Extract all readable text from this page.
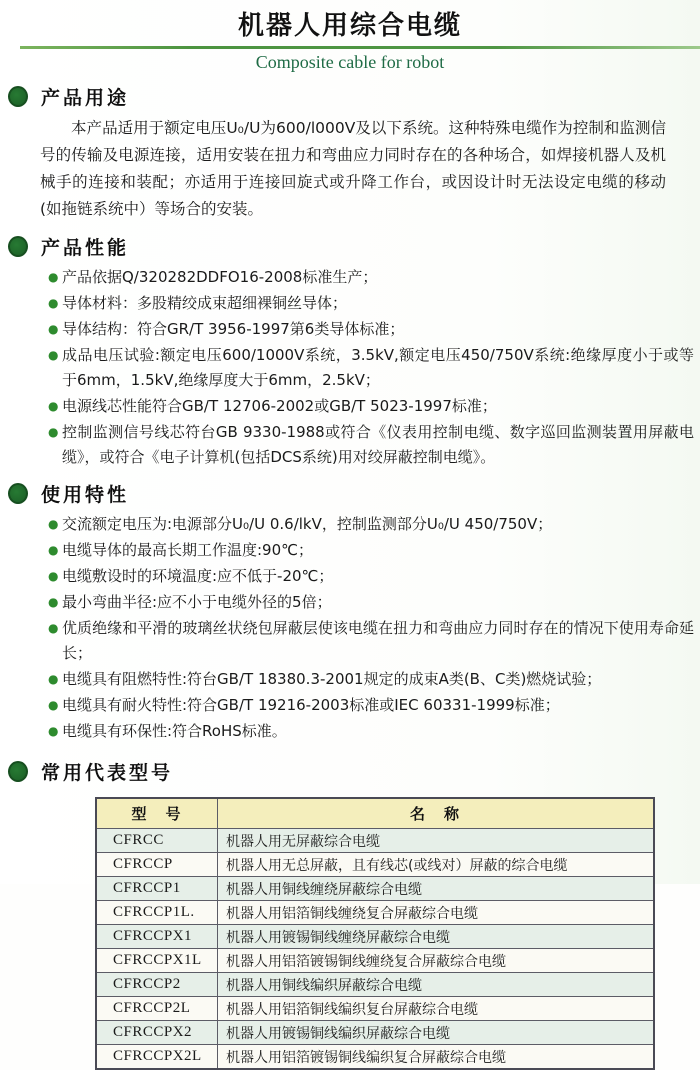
机器人用综合电缆
Composite cable for robot
产品用途

本产品适用于额定电压U₀/U为600/l000V及以下系统。这种特殊电缆作为控制和监测信号的传输及电源连接，适用安装在扭力和弯曲应力同时存在的各种场合，如焊接机器人及机械手的连接和装配；亦适用于连接回旋式或升降工作台，或因设计时无法设定电缆的移动(如拖链系统中）等场合的安装。

产品性能
● 产品依据Q/320282DDFO16-2008标准生产；
● 导体材料：多股精绞成束超细裸铜丝导体；
● 导体结构：符合GR/T 3956-1997第6类导体标准；
● 成品电压试验:额定电压600/1000V系统，3.5kV,额定电压450/750V系统:绝缘厚度小于或等于6mm，1.5kV,绝缘厚度大于6mm，2.5kV；
● 电源线芯性能符合GB/T 12706-2002或GB/T 5023-1997标准；
● 控制监测信号线芯符台GB 9330-1988或符合《仪表用控制电缆、数字巡回监测装置用屏蔽电缆》，或符合《电子计算机(包括DCS系统)用对绞屏蔽控制电缆》。
使用特性
● 交流额定电压为:电源部分U₀/U 0.6/lkV，控制监测部分U₀/U 450/750V；
● 电缆导体的最高长期工作温度:90℃；
● 电缆敷设时的环境温度:应不低于-20℃；
● 最小弯曲半径:应不小于电缆外径的5倍；
● 优质绝缘和平滑的玻璃丝状绕包屏蔽层使该电缆在扭力和弯曲应力同时存在的情况下使用寿命延长；
● 电缆具有阻燃特性:符台GB/T 18380.3-2001规定的成束A类(B、C类)燃烧试验；
● 电缆具有耐火特性:符合GB/T 19216-2003标准或IEC 60331-1999标准；
● 电缆具有环保性:符合RoHS标准。
常用代表型号
型　号	名　称
CFRCC	机器人用无屏蔽综合电缆
CFRCCP	机器人用无总屏蔽，且有线芯(或线对）屏蔽的综合电缆
CFRCCP1	机器人用铜线缠绕屏蔽综合电缆
CFRCCP1L.	机器人用铝箔铜线缠绕复合屏蔽综合电缆
CFRCCPX1	机器人用镀锡铜线缠绕屏蔽综合电缆
CFRCCPX1L	机器人用铝箔镀锡铜线缠绕复合屏蔽综合电缆
CFRCCP2	机器人用铜线编织屏蔽综合电缆
CFRCCP2L	机器人用铝箔铜线编织复台屏蔽综合电缆
CFRCCPX2	机器人用镀锡铜线编织屏蔽综合电缆
CFRCCPX2L	机器人用铝箔镀锡铜线编织复合屏蔽综合电缆
